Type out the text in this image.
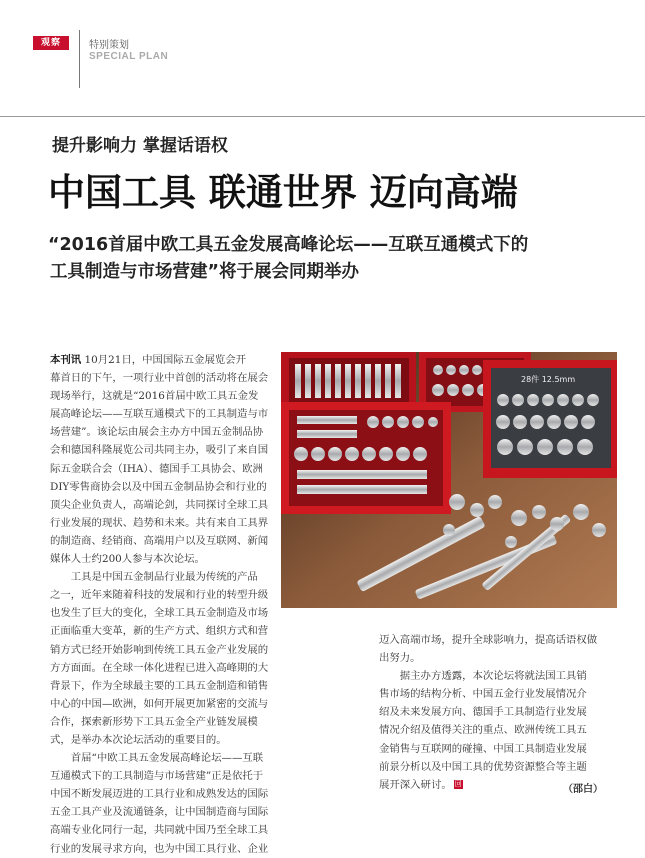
观察	特别策划
SPECIAL PLAN
提升影响力 掌握话语权
中国工具 联通世界 迈向高端
“2016首届中欧工具五金发展高峰论坛——互联互通模式下的
工具制造与市场营建”将于展会同期举办
本刊讯 10月21日，中国国际五金展览会开
幕首日的下午，一项行业中首创的活动将在展会
现场举行，这就是“2016首届中欧工具五金发
展高峰论坛——互联互通模式下的工具制造与市
场营建”。该论坛由展会主办方中国五金制品协
会和德国科隆展览公司共同主办，吸引了来自国
际五金联合会（IHA）、德国手工具协会、欧洲
DIY零售商协会以及中国五金制品协会和行业的
顶尖企业负责人，高端论剑，共同探讨全球工具
行业发展的现状、趋势和未来。共有来自工具界
的制造商、经销商、高端用户以及互联网、新闻
媒体人士约200人参与本次论坛。
　　工具是中国五金制品行业最为传统的产品
之一，近年来随着科技的发展和行业的转型升级
也发生了巨大的变化，全球工具五金制造及市场
正面临重大变革，新的生产方式、组织方式和营
销方式已经开始影响到传统工具五金产业发展的
方方面面。在全球一体化进程已进入高峰期的大
背景下，作为全球最主要的工具五金制造和销售
中心的中国—欧洲，如何开展更加紧密的交流与
合作，探索新形势下工具五金全产业链发展模
式，是举办本次论坛活动的重要目的。
　　首届“中欧工具五金发展高峰论坛——互联
互通模式下的工具制造与市场营建”正是依托于
中国不断发展迈进的工具行业和成熟发达的国际
五金工具产业及流通链条，让中国制造商与国际
高端专业化同行一起，共同就中国乃至全球工具
行业的发展寻求方向，也为中国工具行业、企业
28件 12.5mm
迈入高端市场，提升全球影响力，提高话语权做
出努力。
　　据主办方透露，本次论坛将就法国工具销
售市场的结构分析、中国五金行业发展情况介
绍及未来发展方向、德国手工具制造行业发展
情况介绍及值得关注的重点、欧洲传统工具五
金销售与互联网的碰撞、中国工具制造业发展
前景分析以及中国工具的优势资源整合等主题
展开深入研讨。 回	（邵白）
